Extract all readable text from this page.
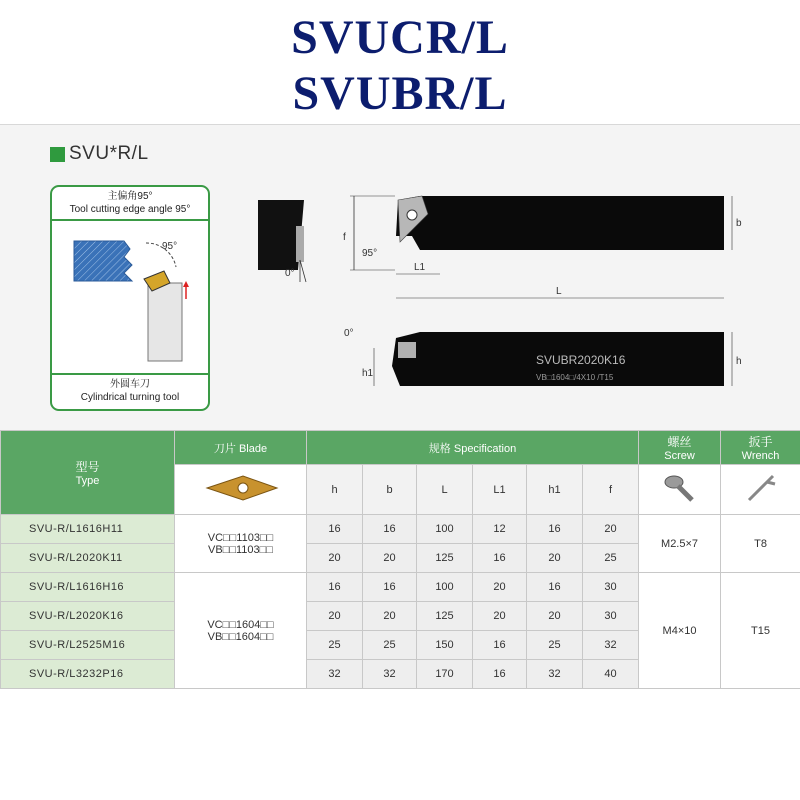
SVUCR/L
SVUBR/L
SVU*R/L
主偏角95°
Tool cutting edge angle 95°
95°
外圆车刀
Cylindrical turning tool
0°
f
95°
L1
L
b
SVUBR2020K16
VB□1604□/4X10 /T15
0°
h1
h
型号
Type	刀片 Blade	规格 Specification						螺丝
Screw	扳手
Wrench

	h	b	L	L1	h1	f		
SVU-R/L1616H11	VC□□1103□□
VB□□1103□□	16	16	100	12	16	20	M2.5×7	T8
SVU-R/L2020K11		20	20	125	16	20	25		
SVU-R/L1616H16	VC□□1604□□
VB□□1604□□	16	16	100	20	16	30	M4×10	T15
SVU-R/L2020K16		20	20	125	20	20	30		
SVU-R/L2525M16		25	25	150	16	25	32		
SVU-R/L3232P16		32	32	170	16	32	40		
